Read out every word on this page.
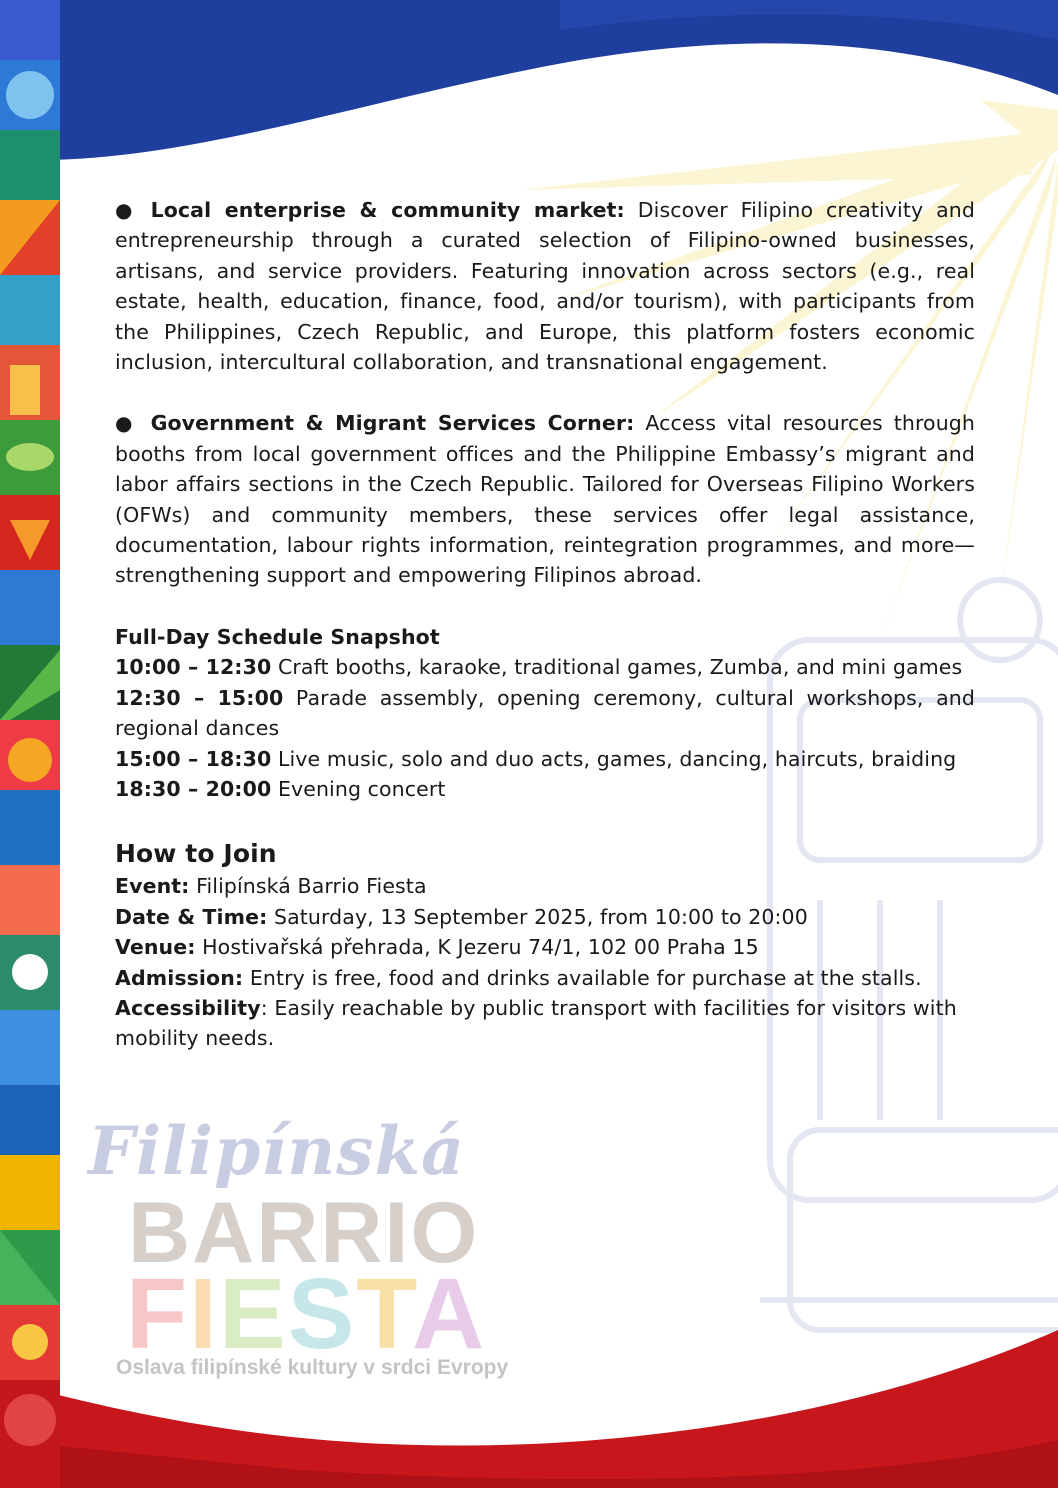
● Local enterprise & community market: Discover Filipino creativity and entrepreneurship through a curated selection of Filipino-owned businesses, artisans, and service providers. Featuring innovation across sectors (e.g., real estate, health, education, finance, food, and/or tourism), with participants from the Philippines, Czech Republic, and Europe, this platform fosters economic inclusion, intercultural collaboration, and transnational engagement.

● Government & Migrant Services Corner: Access vital resources through booths from local government offices and the Philippine Embassy’s migrant and labor affairs sections in the Czech Republic. Tailored for Overseas Filipino Workers (OFWs) and community members, these services offer legal assistance, documentation, labour rights information, reintegration programmes, and more—strengthening support and empowering Filipinos abroad.

Full-Day Schedule Snapshot

10:00 – 12:30 Craft booths, karaoke, traditional games, Zumba, and mini games

12:30 – 15:00 Parade assembly, opening ceremony, cultural workshops, and regional dances

15:00 – 18:30 Live music, solo and duo acts, games, dancing, haircuts, braiding

18:30 – 20:00 Evening concert

How to Join

Event: Filipínská Barrio Fiesta

Date & Time: Saturday, 13 September 2025, from 10:00 to 20:00

Venue: Hostivařská přehrada, K Jezeru 74/1, 102 00 Praha 15

Admission: Entry is free, food and drinks available for purchase at the stalls.

Accessibility: Easily reachable by public transport with facilities for visitors with mobility needs.

Filipínská
BARRIO
FIESTA
Oslava filipínské kultury v srdci Evropy
